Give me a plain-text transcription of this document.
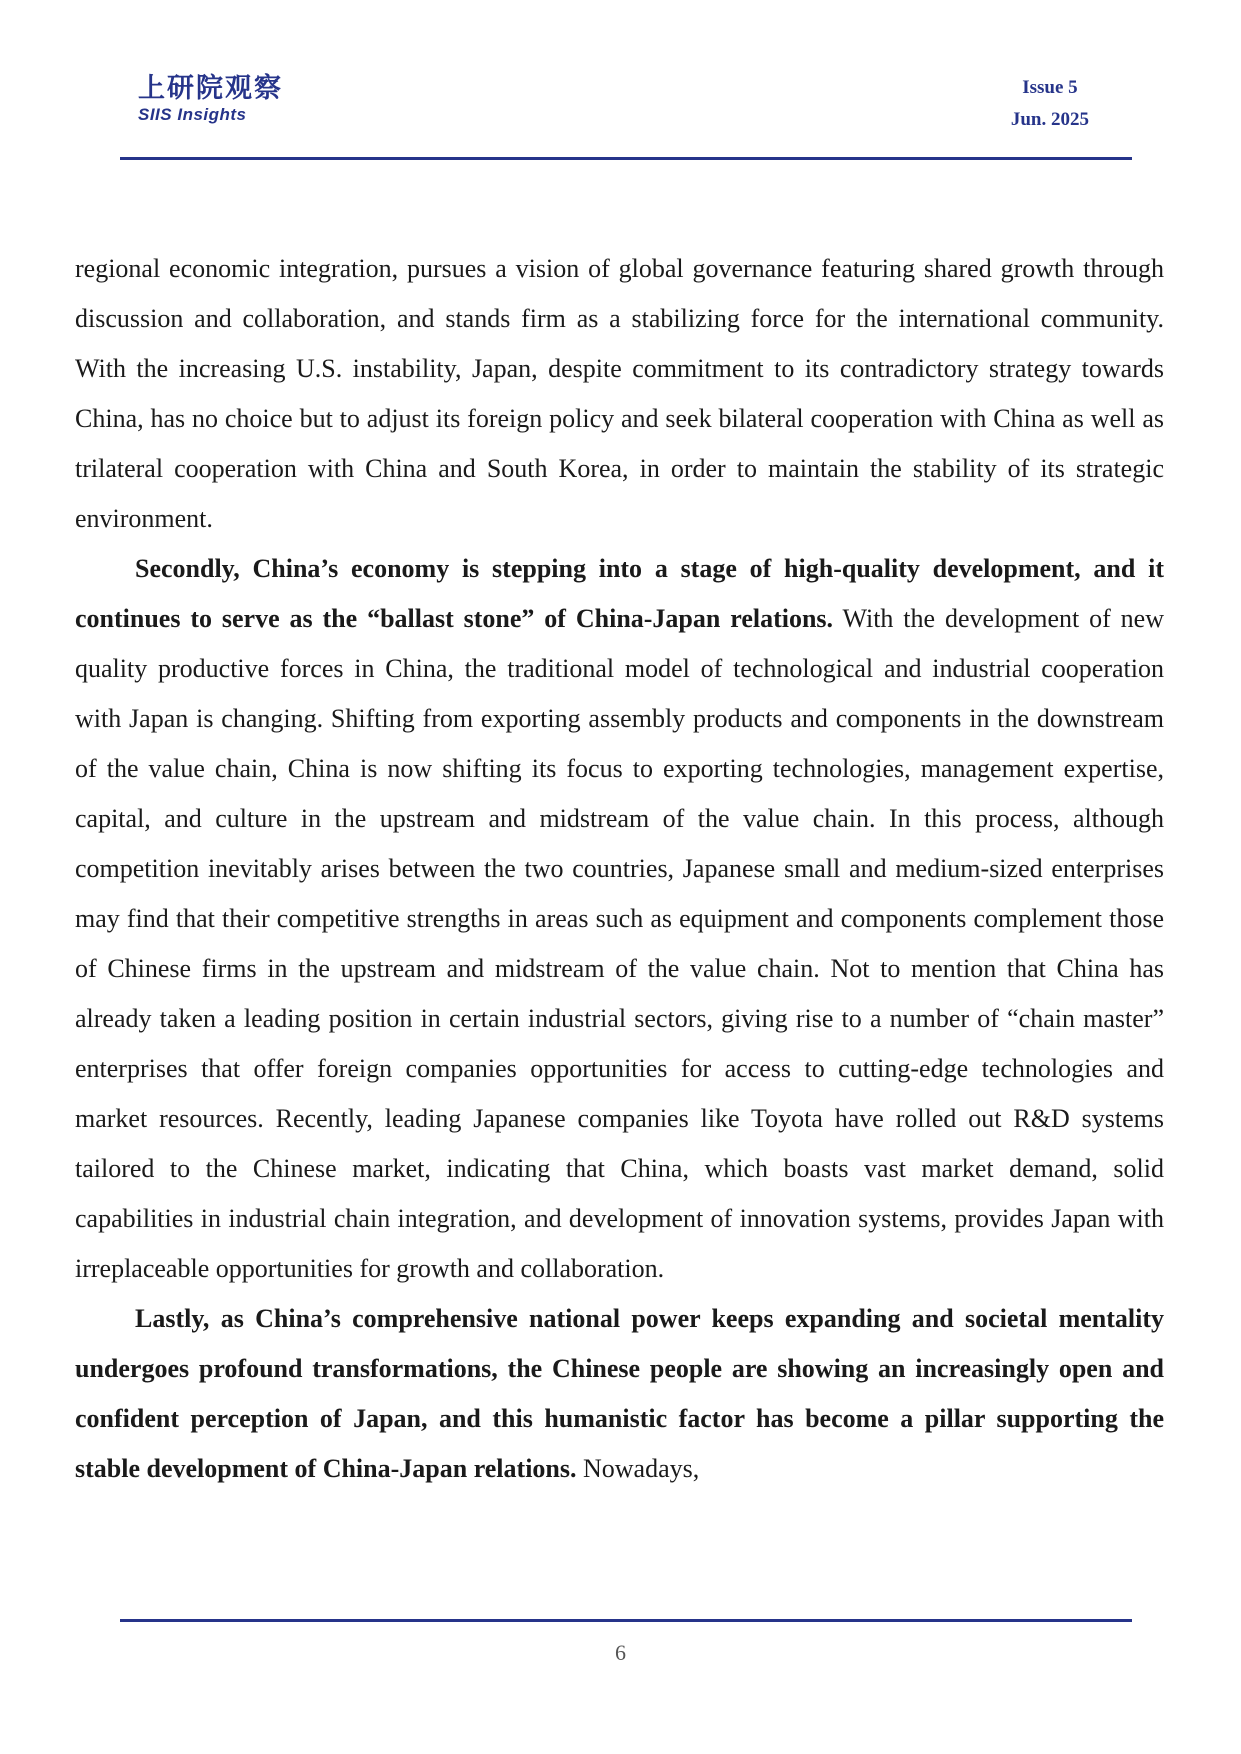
上研院观察
SIIS Insights
Issue 5
Jun. 2025

regional economic integration, pursues a vision of global governance featuring shared growth through discussion and collaboration, and stands firm as a stabilizing force for the international community. With the increasing U.S. instability, Japan, despite commitment to its contradictory strategy towards China, has no choice but to adjust its foreign policy and seek bilateral cooperation with China as well as trilateral cooperation with China and South Korea, in order to maintain the stability of its strategic environment.

Secondly, China’s economy is stepping into a stage of high-quality development, and it continues to serve as the “ballast stone” of China-Japan relations. With the development of new quality productive forces in China, the traditional model of technological and industrial cooperation with Japan is changing. Shifting from exporting assembly products and components in the downstream of the value chain, China is now shifting its focus to exporting technologies, management expertise, capital, and culture in the upstream and midstream of the value chain. In this process, although competition inevitably arises between the two countries, Japanese small and medium-sized enterprises may find that their competitive strengths in areas such as equipment and components complement those of Chinese firms in the upstream and midstream of the value chain. Not to mention that China has already taken a leading position in certain industrial sectors, giving rise to a number of “chain master” enterprises that offer foreign companies opportunities for access to cutting-edge technologies and market resources. Recently, leading Japanese companies like Toyota have rolled out R&D systems tailored to the Chinese market, indicating that China, which boasts vast market demand, solid capabilities in industrial chain integration, and development of innovation systems, provides Japan with irreplaceable opportunities for growth and collaboration.

Lastly, as China’s comprehensive national power keeps expanding and societal mentality undergoes profound transformations, the Chinese people are showing an increasingly open and confident perception of Japan, and this humanistic factor has become a pillar supporting the stable development of China-Japan relations. Nowadays,

6
